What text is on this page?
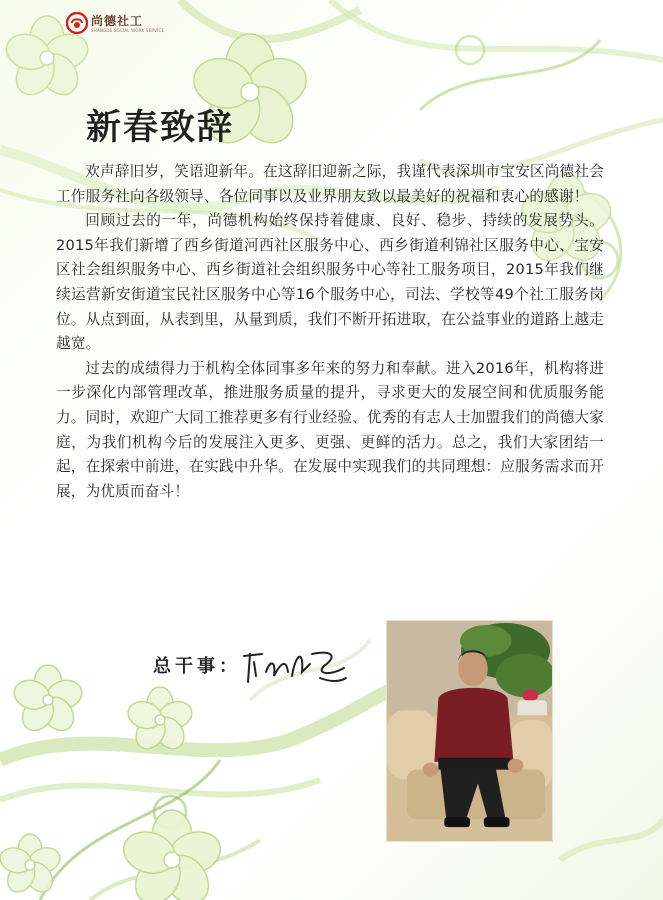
尚德社工
SHANGDE SOCIAL WORK SERVICE
新春致辞

欢声辞旧岁，笑语迎新年。在这辞旧迎新之际，我谨代表深圳市宝安区尚德社会工作服务社向各级领导、各位同事以及业界朋友致以最美好的祝福和衷心的感谢！

回顾过去的一年，尚德机构始终保持着健康、良好、稳步、持续的发展势头。2015年我们新增了西乡街道河西社区服务中心、西乡街道利锦社区服务中心、宝安区社会组织服务中心、西乡街道社会组织服务中心等社工服务项目，2015年我们继续运营新安街道宝民社区服务中心等16个服务中心，司法、学校等49个社工服务岗位。从点到面，从表到里，从量到质，我们不断开拓进取，在公益事业的道路上越走越宽。

过去的成绩得力于机构全体同事多年来的努力和奉献。进入2016年，机构将进一步深化内部管理改革，推进服务质量的提升，寻求更大的发展空间和优质服务能力。同时，欢迎广大同工推荐更多有行业经验、优秀的有志人士加盟我们的尚德大家庭，为我们机构今后的发展注入更多、更强、更鲜的活力。总之，我们大家团结一起，在探索中前进，在实践中升华。在发展中实现我们的共同理想：应服务需求而开展，为优质而奋斗！

总干事：
